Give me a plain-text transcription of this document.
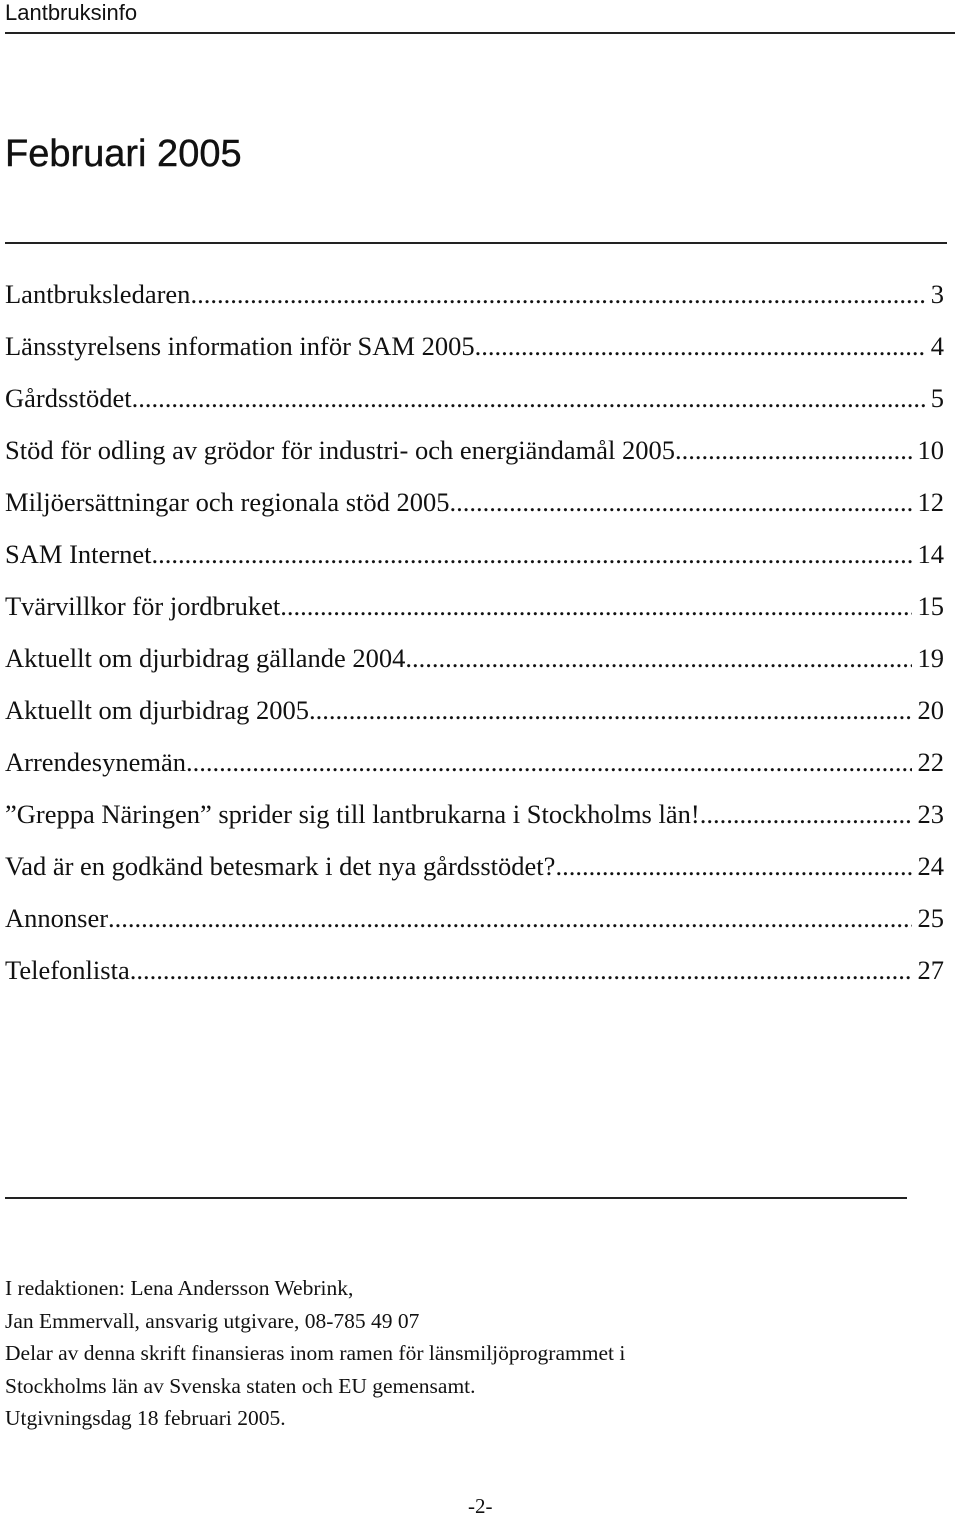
Lantbruksinfo
Februari 2005
Lantbruksledaren .....	3
Länsstyrelsens information inför SAM 2005 .....	4
Gårdsstödet .....	5
Stöd för odling av grödor för industri- och energiändamål 2005 .....	10
Miljöersättningar och regionala stöd 2005 .....	12
SAM Internet .....	14
Tvärvillkor för jordbruket .....	15
Aktuellt om djurbidrag gällande 2004 .....	19
Aktuellt om djurbidrag 2005 .....	20
Arrendesynemän .....	22
”Greppa Näringen” sprider sig till lantbrukarna i Stockholms län! .....	23
Vad är en godkänd betesmark i det nya gårdsstödet? .....	24
Annonser .....	25
Telefonlista .....	27
I redaktionen: Lena Andersson Webrink,
Jan Emmervall, ansvarig utgivare, 08-785 49 07
Delar av denna skrift finansieras inom ramen för länsmiljöprogrammet i
Stockholms län av Svenska staten och EU gemensamt.
Utgivningsdag 18 februari 2005.
-2-
